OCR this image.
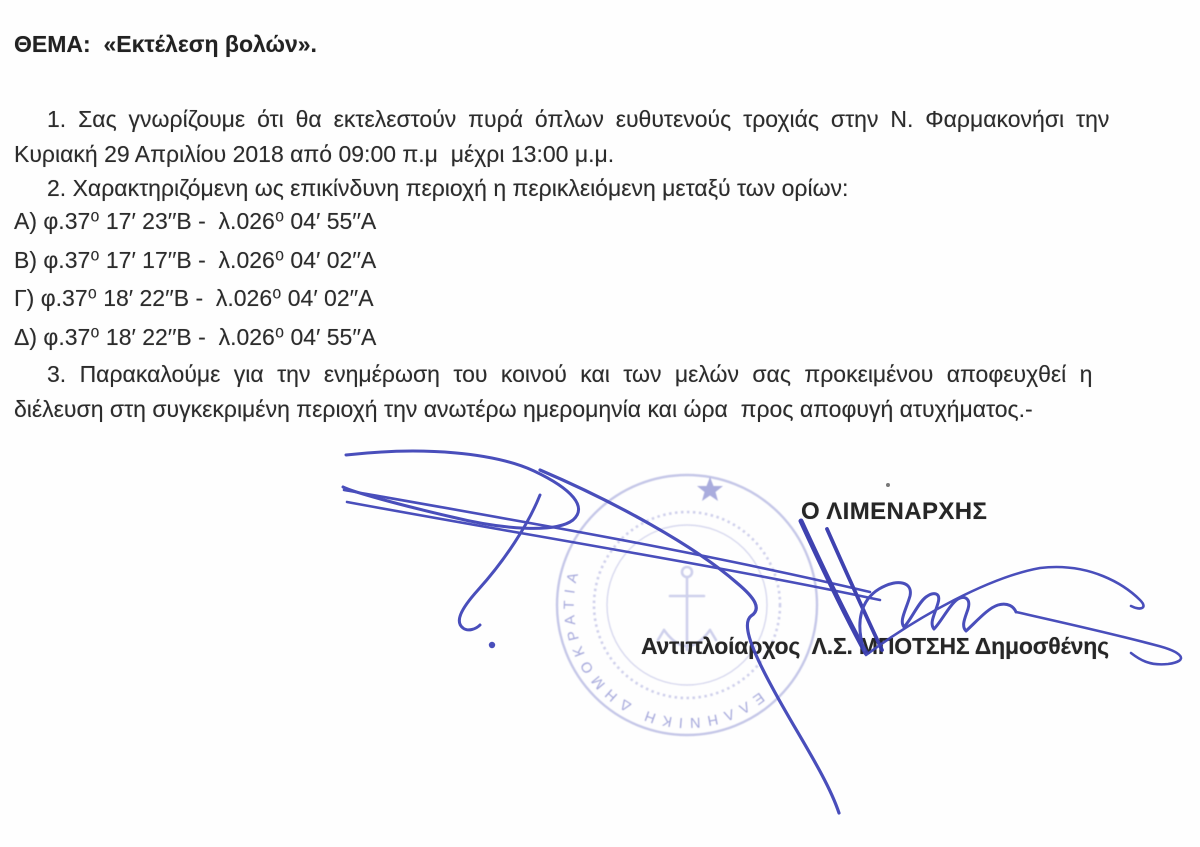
ΕΛΛΗΝΙΚΗ ΔΗΜΟΚΡΑΤΙΑ
ΘΕΜΑ:  «Εκτέλεση βολών».
1. Σας γνωρίζουμε ότι θα εκτελεστούν πυρά όπλων ευθυτενούς τροχιάς στην Ν. Φαρμακονήσι την
Κυριακή 29 Απριλίου 2018 από 09:00 π.μ  μέχρι 13:00 μ.μ.
2. Χαρακτηριζόμενη ως επικίνδυνη περιοχή η περικλειόμενη μεταξύ των ορίων:
Α) φ.37⁰ 17′ 23′′Β -  λ.026⁰ 04′ 55′′Α
Β) φ.37⁰ 17′ 17′′Β -  λ.026⁰ 04′ 02′′Α
Γ) φ.37⁰ 18′ 22′′Β -  λ.026⁰ 04′ 02′′Α
Δ) φ.37⁰ 18′ 22′′Β -  λ.026⁰ 04′ 55′′Α
3. Παρακαλούμε για την ενημέρωση του κοινού και των μελών σας προκειμένου αποφευχθεί η
διέλευση στη συγκεκριμένη περιοχή την ανωτέρω ημερομηνία και ώρα  προς αποφυγή ατυχήματος.-
Ο ΛΙΜΕΝΑΡΧΗΣ
Αντιπλοίαρχος  Λ.Σ. ΜΠΟΤΣΗΣ Δημοσθένης
